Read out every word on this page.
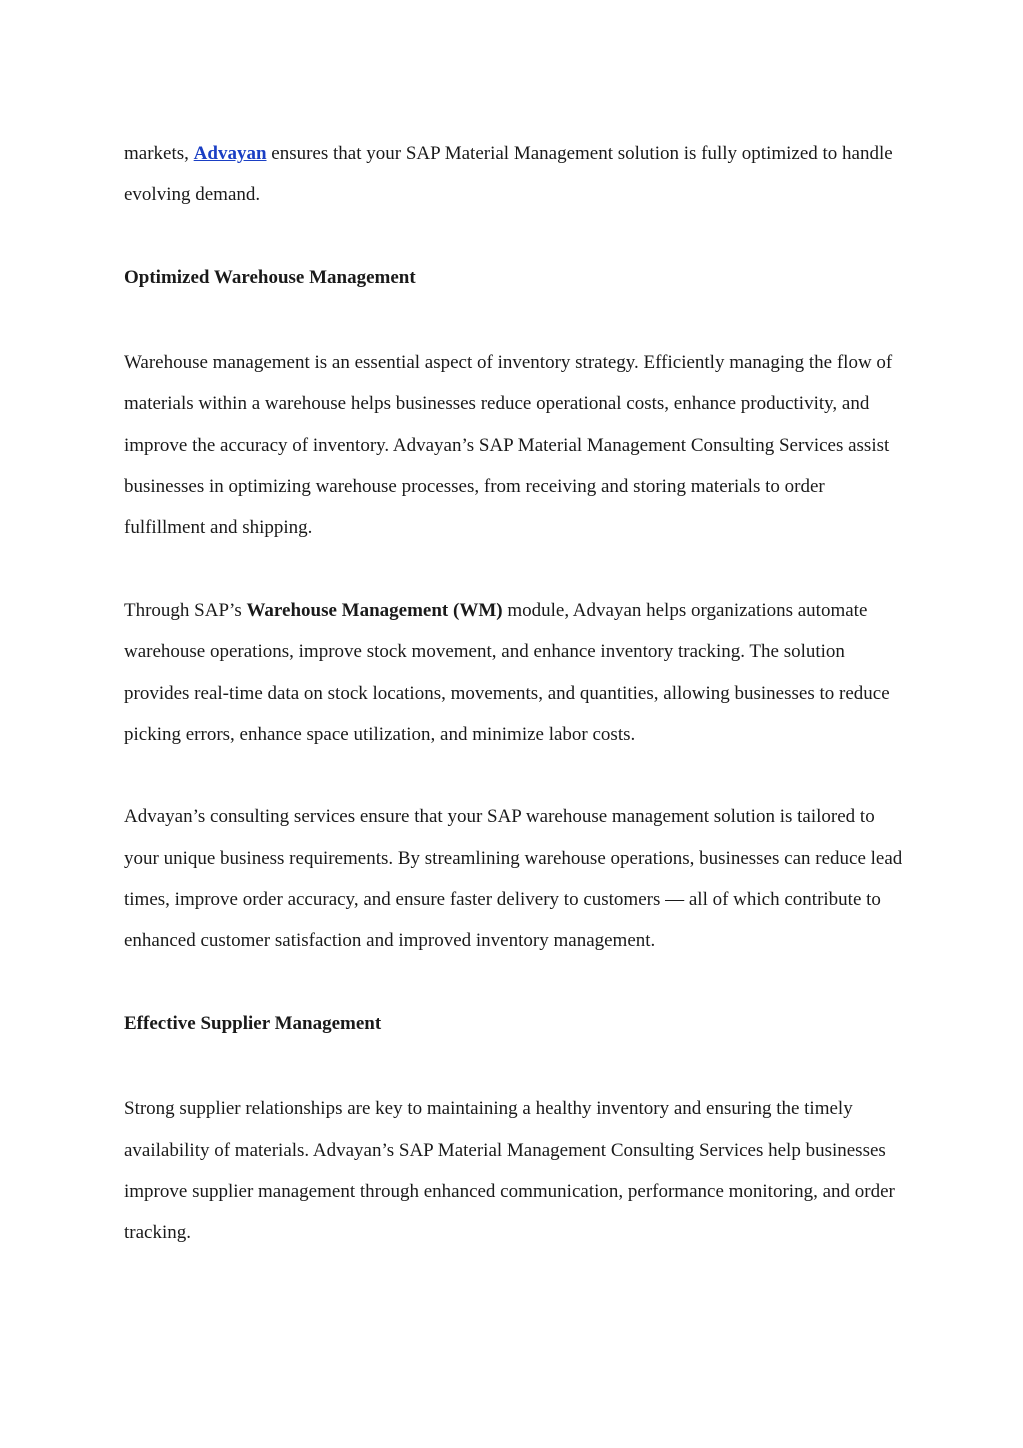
markets, Advayan ensures that your SAP Material Management solution is fully optimized to handle evolving demand.

Optimized Warehouse Management

Warehouse management is an essential aspect of inventory strategy. Efficiently managing the flow of materials within a warehouse helps businesses reduce operational costs, enhance productivity, and improve the accuracy of inventory. Advayan’s SAP Material Management Consulting Services assist businesses in optimizing warehouse processes, from receiving and storing materials to order fulfillment and shipping.

Through SAP’s Warehouse Management (WM) module, Advayan helps organizations automate warehouse operations, improve stock movement, and enhance inventory tracking. The solution provides real-time data on stock locations, movements, and quantities, allowing businesses to reduce picking errors, enhance space utilization, and minimize labor costs.

Advayan’s consulting services ensure that your SAP warehouse management solution is tailored to your unique business requirements. By streamlining warehouse operations, businesses can reduce lead times, improve order accuracy, and ensure faster delivery to customers — all of which contribute to enhanced customer satisfaction and improved inventory management.

Effective Supplier Management

Strong supplier relationships are key to maintaining a healthy inventory and ensuring the timely availability of materials. Advayan’s SAP Material Management Consulting Services help businesses improve supplier management through enhanced communication, performance monitoring, and order tracking.
